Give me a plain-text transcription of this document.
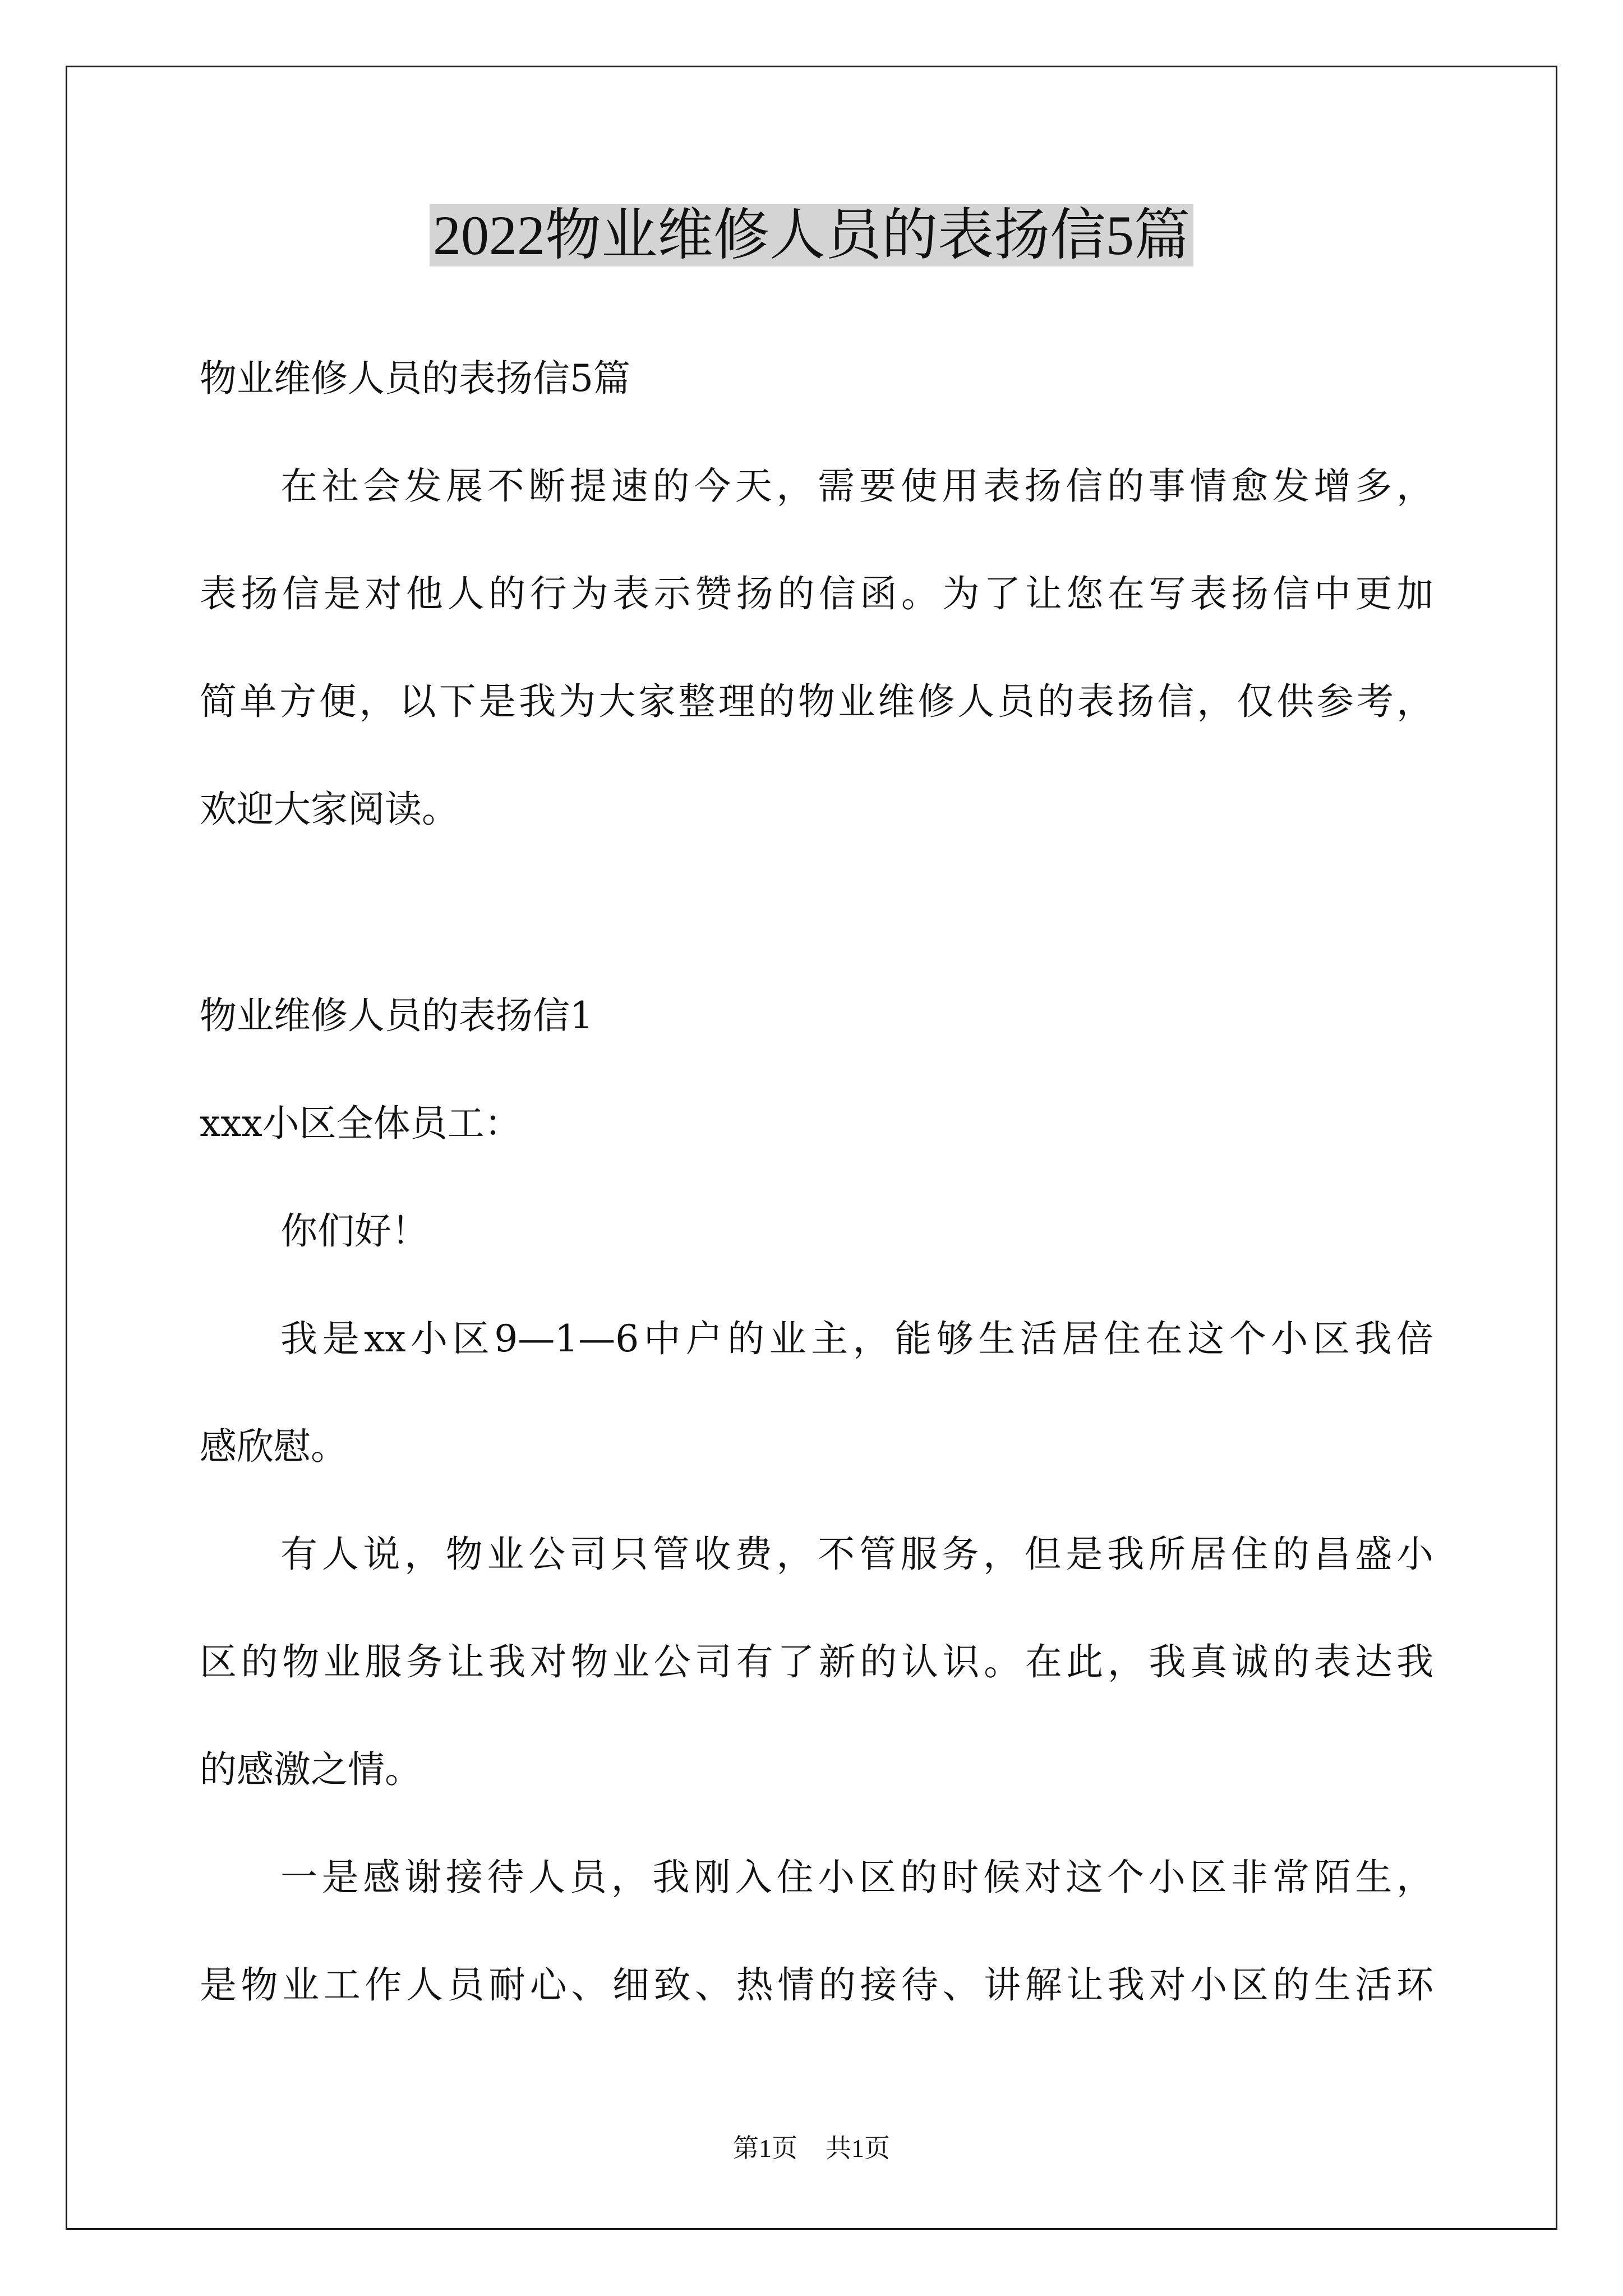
2022物业维修人员的表扬信5篇
物业维修人员的表扬信5篇
在社会发展不断提速的今天，需要使用表扬信的事情愈发增多，
表扬信是对他人的行为表示赞扬的信函。为了让您在写表扬信中更加
简单方便，以下是我为大家整理的物业维修人员的表扬信，仅供参考，
欢迎大家阅读。
物业维修人员的表扬信1
xxx小区全体员工：
你们好！
我是xx小区9—1—6中户的业主，能够生活居住在这个小区我倍
感欣慰。
有人说，物业公司只管收费，不管服务，但是我所居住的昌盛小
区的物业服务让我对物业公司有了新的认识。在此，我真诚的表达我
的感激之情。
一是感谢接待人员，我刚入住小区的时候对这个小区非常陌生，
是物业工作人员耐心、细致、热情的接待、讲解让我对小区的生活环
第1页 共1页
